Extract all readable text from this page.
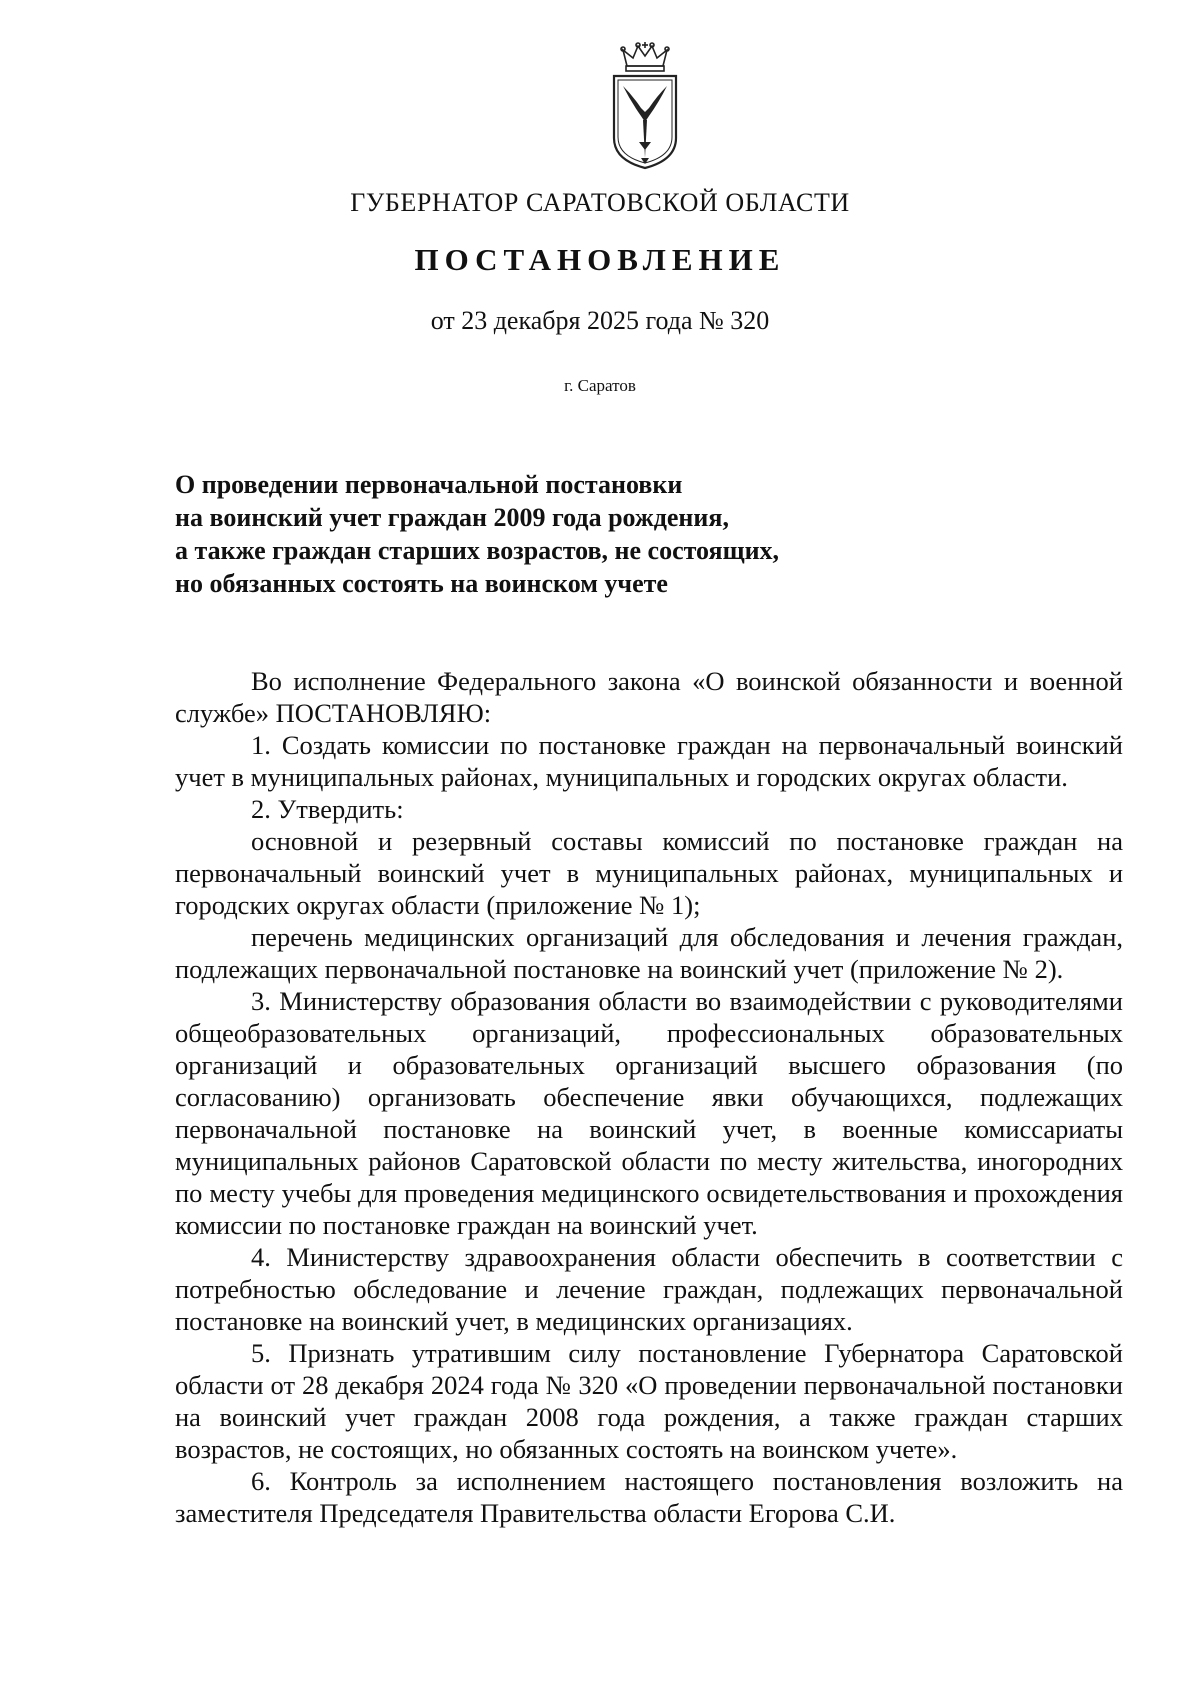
ГУБЕРНАТОР САРАТОВСКОЙ ОБЛАСТИ
ПОСТАНОВЛЕНИЕ
от 23 декабря 2025 года № 320
г. Саратов
О проведении первоначальной постановки
на воинский учет граждан 2009 года рождения,
а также граждан старших возрастов, не состоящих,
но обязанных состоять на воинском учете

Во исполнение Федерального закона «О воинской обязанности и военной службе» ПОСТАНОВЛЯЮ:

1. Создать комиссии по постановке граждан на первоначальный воинский учет в муниципальных районах, муниципальных и городских округах области.

2. Утвердить:

основной и резервный составы комиссий по постановке граждан на первоначальный воинский учет в муниципальных районах, муниципальных и городских округах области (приложение № 1);

перечень медицинских организаций для обследования и лечения граждан, подлежащих первоначальной постановке на воинский учет (приложение № 2).

3. Министерству образования области во взаимодействии с руководителями общеобразовательных организаций, профессиональных образовательных организаций и образовательных организаций высшего образования (по согласованию) организовать обеспечение явки обучающихся, подлежащих первоначальной постановке на воинский учет, в военные комиссариаты муниципальных районов Саратовской области по месту жительства, иногородних по месту учебы для проведения медицинского освидетельствования и прохождения комиссии по постановке граждан на воинский учет.

4. Министерству здравоохранения области обеспечить в соответствии с потребностью обследование и лечение граждан, подлежащих первоначальной постановке на воинский учет, в медицинских организациях.

5. Признать утратившим силу постановление Губернатора Саратовской области от 28 декабря 2024 года № 320 «О проведении первоначальной постановки на воинский учет граждан 2008 года рождения, а также граждан старших возрастов, не состоящих, но обязанных состоять на воинском учете».

6. Контроль за исполнением настоящего постановления возложить на заместителя Председателя Правительства области Егорова С.И.
